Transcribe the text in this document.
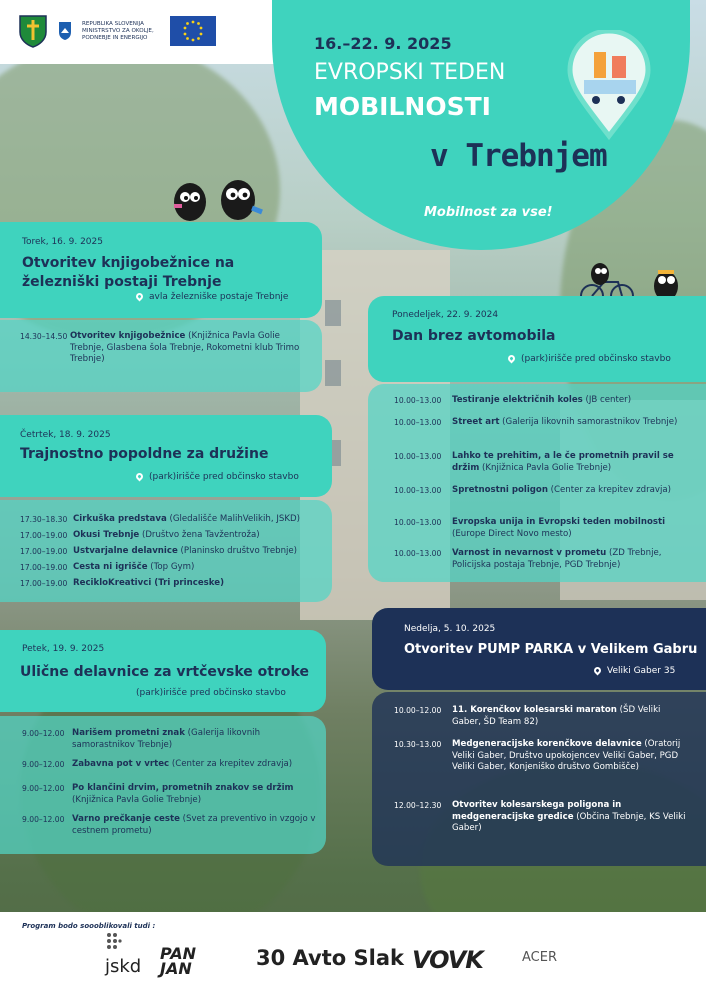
REPUBLIKA SLOVENIJA
MINISTRSTVO ZA OKOLJE,
PODNEBJE IN ENERGIJO	16.–22. 9. 2025
EVROPSKI TEDEN
MOBILNOSTI
v Trebnjem
Mobilnost za vse!
Torek, 16. 9. 2025
Otvoritev knjigobežnice na železniški postaji Trebnje
avla železniške postaje Trebnje
14.30–14.50 Otvoritev knjigobežnice (Knjižnica Pavla Golie Trebnje, Glasbena šola Trebnje, Rokometni klub Trimo Trebnje)
Ponedeljek, 22. 9. 2024
Dan brez avtomobila
(park)irišče pred občinsko stavbo
10.00–13.00 Testiranje električnih koles (JB center)
10.00–13.00 Street art (Galerija likovnih samorastnikov Trebnje)
10.00–13.00 Lahko te prehitim, a le če prometnih pravil se držim (Knjižnica Pavla Golie Trebnje)
10.00–13.00 Spretnostni poligon (Center za krepitev zdravja)
10.00–13.00 Evropska unija in Evropski teden mobilnosti (Europe Direct Novo mesto)
10.00–13.00 Varnost in nevarnost v prometu (ZD Trebnje, Policijska postaja Trebnje, PGD Trebnje)
Četrtek, 18. 9. 2025
Trajnostno popoldne za družine
(park)irišče pred občinsko stavbo
17.30–18.30 Cirkuška predstava (Gledališče MalihVelikih, JSKD)
17.00–19.00 Okusi Trebnje (Društvo žena Tavžentroža)
17.00–19.00 Ustvarjalne delavnice (Planinsko društvo Trebnje)
17.00–19.00 Cesta ni igrišče (Top Gym)
17.00–19.00 ReciklоKreativci (Tri princeske)
Nedelja, 5. 10. 2025
Otvoritev PUMP PARKA v Velikem Gabru
Veliki Gaber 35
10.00–12.00 11. Korenčkov kolesarski maraton (ŠD Veliki Gaber, ŠD Team 82)
10.30–13.00 Medgeneracijske korenčkove delavnice (Oratorij Veliki Gaber, Društvo upokojencev Veliki Gaber, PGD Veliki Gaber, Konjeniško društvo Gombišče)
12.00–12.30 Otvoritev kolesarskega poligona in medgeneracijske gredice (Občina Trebnje, KS Veliki Gaber)
Petek, 19. 9. 2025
Ulične delavnice za vrtčevske otroke
(park)irišče pred občinsko stavbo
9.00–12.00 Narišem prometni znak (Galerija likovnih samorastnikov Trebnje)
9.00–12.00 Zabavna pot v vrtec (Center za krepitev zdravja)
9.00–12.00 Po klančini drvim, prometnih znakov se držim (Knjižnica Pavla Golie Trebnje)
9.00–12.00 Varno prečkanje ceste (Svet za preventivo in vzgojo v cestnem prometu)
Program bodo soooblikovali tudi :
jskd
PAN JAN	30 Avto Slak VOVK	ACER
